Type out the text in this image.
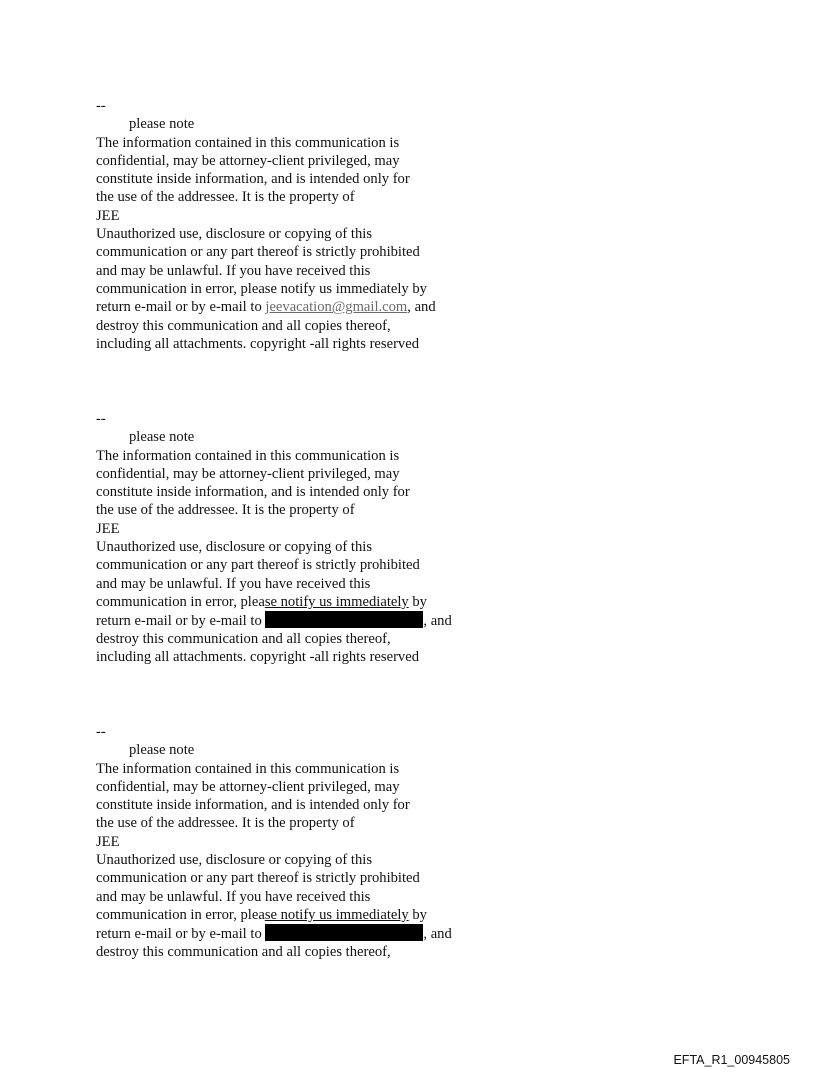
--
please note
The information contained in this communication is
confidential, may be attorney-client privileged, may
constitute inside information, and is intended only for
the use of the addressee. It is the property of
JEE
Unauthorized use, disclosure or copying of this
communication or any part thereof is strictly prohibited
and may be unlawful. If you have received this
communication in error, please notify us immediately by
return e-mail or by e-mail to jeevacation@gmail.com, and
destroy this communication and all copies thereof,
including all attachments. copyright -all rights reserved
--
please note
The information contained in this communication is
confidential, may be attorney-client privileged, may
constitute inside information, and is intended only for
the use of the addressee. It is the property of
JEE
Unauthorized use, disclosure or copying of this
communication or any part thereof is strictly prohibited
and may be unlawful. If you have received this
communication in error, please notify us immediately by
return e-mail or by e-mail to	, and
destroy this communication and all copies thereof,
including all attachments. copyright -all rights reserved
--
please note
The information contained in this communication is
confidential, may be attorney-client privileged, may
constitute inside information, and is intended only for
the use of the addressee. It is the property of
JEE
Unauthorized use, disclosure or copying of this
communication or any part thereof is strictly prohibited
and may be unlawful. If you have received this
communication in error, please notify us immediately by
return e-mail or by e-mail to	, and
destroy this communication and all copies thereof,
EFTA_R1_00945805
